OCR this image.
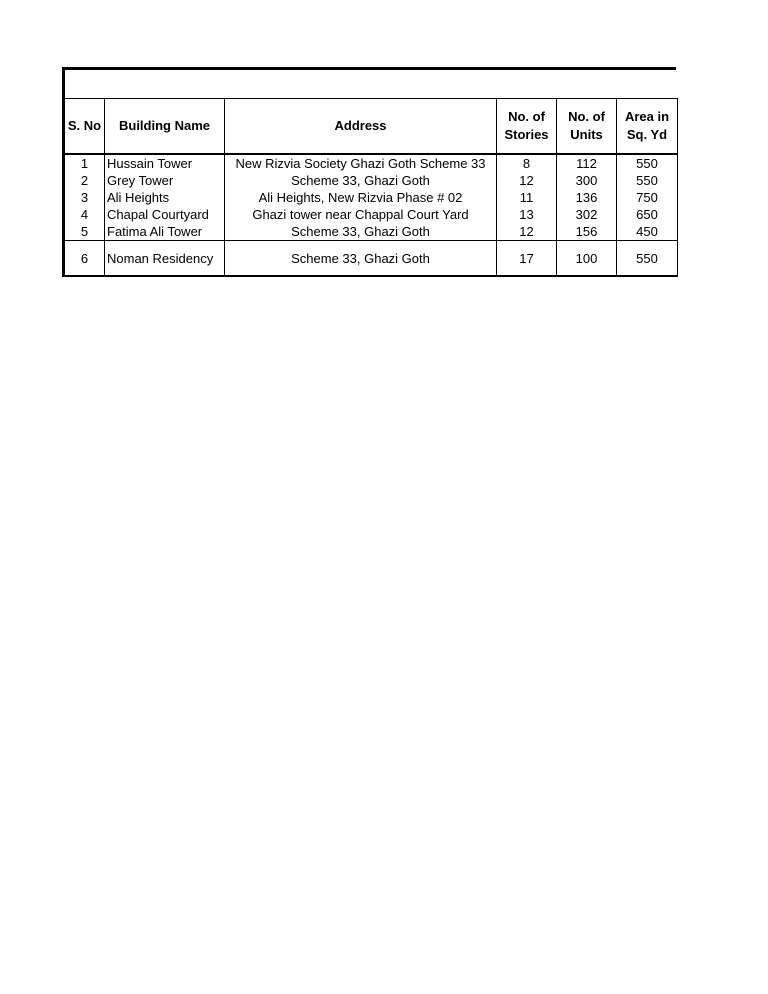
S. No	Building Name	Address	No. of Stories	No. of Units	Area in Sq. Yd
1	Hussain Tower	New Rizvia Society Ghazi Goth Scheme 33	8	112	550
2	Grey Tower	Scheme 33, Ghazi Goth	12	300	550
3	Ali Heights	Ali Heights, New Rizvia Phase # 02	11	136	750
4	Chapal Courtyard	Ghazi tower near Chappal Court Yard	13	302	650
5	Fatima Ali Tower	Scheme 33, Ghazi Goth	12	156	450
6	Noman Residency	Scheme 33, Ghazi Goth	17	100	550
